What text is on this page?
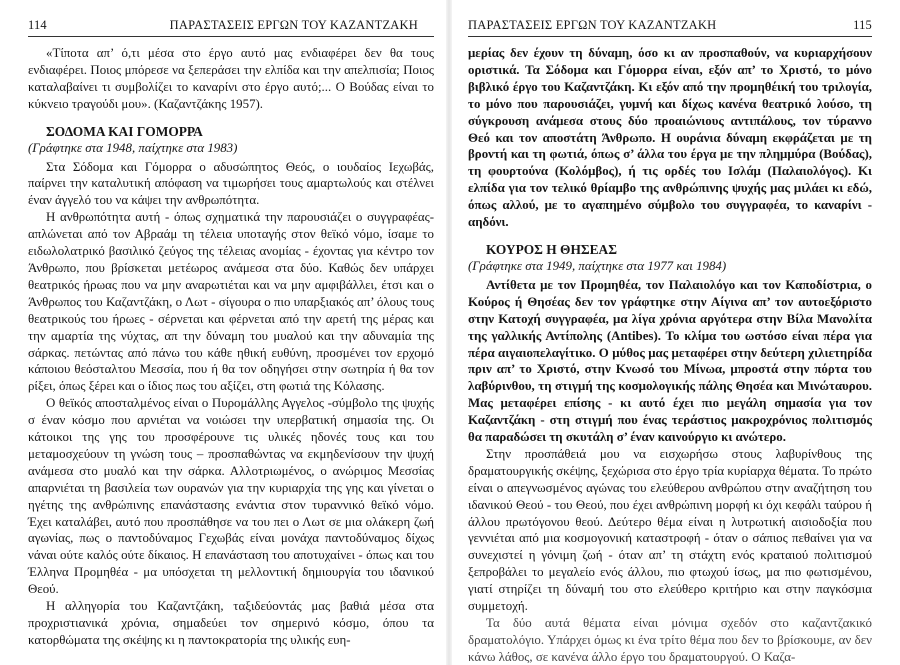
114	ΠΑΡΑΣΤΑΣΕΙΣ ΕΡΓΩΝ ΤΟΥ ΚΑΖΑΝΤΖΑΚΗ

«Τίποτα απ’ ό,τι μέσα στο έργο αυτό μας ενδιαφέρει δεν θα τους ενδιαφέρει. Ποιος μπόρεσε να ξεπεράσει την ελπίδα και την απελπισία; Ποιος καταλαβαίνει τι συμβολίζει το καναρίνι στο έργο αυτό;... Ο Βούδας είναι το κύκνειο τραγούδι μου». (Καζαντζάκης 1957).

ΣΟΔΟΜΑ ΚΑΙ ΓΟΜΟΡΡΑ
(Γράφτηκε στα 1948, παίχτηκε στα 1983)

Στα Σόδομα και Γόμορρα ο αδυσώπητος Θεός, ο ιουδαίος Ιεχωβάς, παίρνει την καταλυτική απόφαση να τιμωρήσει τους αμαρτωλούς και στέλνει έναν άγγελό του να κάψει την ανθρωπότητα.

Η ανθρωπότητα αυτή - όπως σχηματικά την παρουσιάζει ο συγγραφέας- απλώνεται από τον Αβραάμ τη τέλεια υποταγής στον θεϊκό νόμο, ίσαμε το ειδωλολατρικό βασιλικό ζεύγος της τέλειας ανομίας - έχοντας για κέντρο τον Άνθρωπο, που βρίσκεται μετέωρος ανάμεσα στα δύο. Καθώς δεν υπάρχει θεατρικός ήρωας που να μην αναρωτιέται και να μην αμφιβάλλει, έτσι και ο Άνθρωπος του Καζαντζάκη, ο Λωτ - σίγουρα ο πιο υπαρξιακός απ’ όλους τους θεατρικούς του ήρωες - σέρνεται και φέρνεται από την αρετή της μέρας και την αμαρτία της νύχτας, απ την δύναμη του μυαλού και την αδυναμία της σάρκας. πετώντας από πάνω του κάθε ηθική ευθύνη, προσμένει τον ερχομό κάποιου θεόσταλτου Μεσσία, που ή θα τον οδηγήσει στην σωτηρία ή θα τον ρίξει, όπως ξέρει και ο ίδιος πως του αξίζει, στη φωτιά της Κόλασης.

Ο θεϊκός αποσταλμένος είναι ο Πυρομάλλης Αγγελος -σύμβολο της ψυχής σ έναν κόσμο που αρνιέται να νοιώσει την υπερβατική σημασία της. Οι κάτοικοι της γης του προσφέρουνε τις υλικές ηδονές τους και του μεταμοσχεύουν τη γνώση τους – προσπαθώντας να εκμηδενίσουν την ψυχή ανάμεσα στο μυαλό και την σάρκα. Αλλοτριωμένος, ο ανώριμος Μεσσίας απαρνιέται τη βασιλεία των ουρανών για την κυριαρχία της γης και γίνεται ο ηγέτης της ανθρώπινης επανάστασης ενάντια στον τυραννικό θεϊκό νόμο. Έχει καταλάβει, αυτό που προσπάθησε να του πει ο Λωτ σε μια ολάκερη ζωή αγωνίας, πως ο παντοδύναμος Γεχωβάς είναι μονάχα παντοδύναμος δίχως νάναι ούτε καλός ούτε δίκαιος. Η επανάσταση του αποτυχαίνει - όπως και του Έλληνα Προμηθέα - μα υπόσχεται τη μελλοντική δημιουργία του ιδανικού Θεού.

Η αλληγορία του Καζαντζάκη, ταξιδεύοντάς μας βαθιά μέσα στα προχριστιανικά χρόνια, σημαδεύει τον σημερινό κόσμο, όπου τα κατορθώματα της σκέψης κι η παντοκρατορία της υλικής ευη-

ΠΑΡΑΣΤΑΣΕΙΣ ΕΡΓΩΝ ΤΟΥ ΚΑΖΑΝΤΖΑΚΗ	115

μερίας δεν έχουν τη δύναμη, όσο κι αν προσπαθούν, να κυριαρχήσουν οριστικά. Τα Σόδομα και Γόμορρα είναι, εξόν απ’ το Χριστό, το μόνο βιβλικό έργο του Καζαντζάκη. Κι εξόν από την προμηθέική του τριλογία, το μόνο που παρουσιάζει, γυμνή και δίχως κανένα θεατρικό λούσο, τη σύγκρουση ανάμεσα στους δύο προαιώνιους αντιπάλους, τον τύραννο Θεό και τον αποστάτη Άνθρωπο. Η ουράνια δύναμη εκφράζεται με τη βροντή και τη φωτιά, όπως σ’ άλλα του έργα με την πλημμύρα (Βούδας), τη φουρτούνα (Κολόμβος), ή τις ορδές του Ισλάμ (Παλαιολόγος). Κι ελπίδα για τον τελικό θρίαμβο της ανθρώπινης ψυχής μας μιλάει κι εδώ, όπως αλλού, με το αγαπημένο σύμβολο του συγγραφέα, το καναρίνι - αηδόνι.

ΚΟΥΡΟΣ Η ΘΗΣΕΑΣ
(Γράφτηκε στα 1949, παίχτηκε στα 1977 και 1984)

Αντίθετα με τον Προμηθέα, τον Παλαιολόγο και τον Καποδίστρια, ο Κούρος ή Θησέας δεν τον γράφτηκε στην Αίγινα απ’ τον αυτοεξόριστο στην Κατοχή συγγραφέα, μα λίγα χρόνια αργότερα στην Βίλα Μανολίτα της γαλλικής Αντίπολης (Antibes). Το κλίμα του ωστόσο είναι πέρα για πέρα αιγαιοπελαγίτικο. Ο μύθος μας μεταφέρει στην δεύτερη χιλιετηρίδα πριν απ’ το Χριστό, στην Κνωσό του Μίνωα, μπροστά στην πόρτα του λαβύρινθου, τη στιγμή της κοσμολογικής πάλης Θησέα και Μινώταυρου. Μας μεταφέρει επίσης - κι αυτό έχει πιο μεγάλη σημασία για τον Καζαντζάκη - στη στιγμή που ένας τεράστιος μακροχρόνιος πολιτισμός θα παραδώσει τη σκυτάλη σ’ έναν καινούργιο κι ανώτερο.

Στην προσπάθειά μου να εισχωρήσω στους λαβυρίνθους της δραματουργικής σκέψης, ξεχώρισα στο έργο τρία κυρίαρχα θέματα. Το πρώτο είναι ο απεγνωσμένος αγώνας του ελεύθερου ανθρώπου στην αναζήτηση του ιδανικού Θεού - του Θεού, που έχει ανθρώπινη μορφή κι όχι κεφάλι ταύρου ή άλλου πρωτόγονου θεού. Δεύτερο θέμα είναι η λυτρωτική αισιοδοξία που γεννιέται από μια κοσμογονική καταστροφή - όταν ο σάπιος πεθαίνει για να συνεχιστεί η γόνιμη ζωή - όταν απ’ τη στάχτη ενός κραταιού πολιτισμού ξεπροβάλει το μεγαλείο ενός άλλου, πιο φτωχού ίσως, μα πιο φωτισμένου, γιατί στηρίζει τη δύναμή του στο ελεύθερο κριτήριο και στην παγκόσμια συμμετοχή.

Τα δύο αυτά θέματα είναι μόνιμα σχεδόν στο καζαντζακικό δραματολόγιο. Υπάρχει όμως κι ένα τρίτο θέμα που δεν το βρίσκουμε, αν δεν κάνω λάθος, σε κανένα άλλο έργο του δραματουργού. Ο Καζα-
